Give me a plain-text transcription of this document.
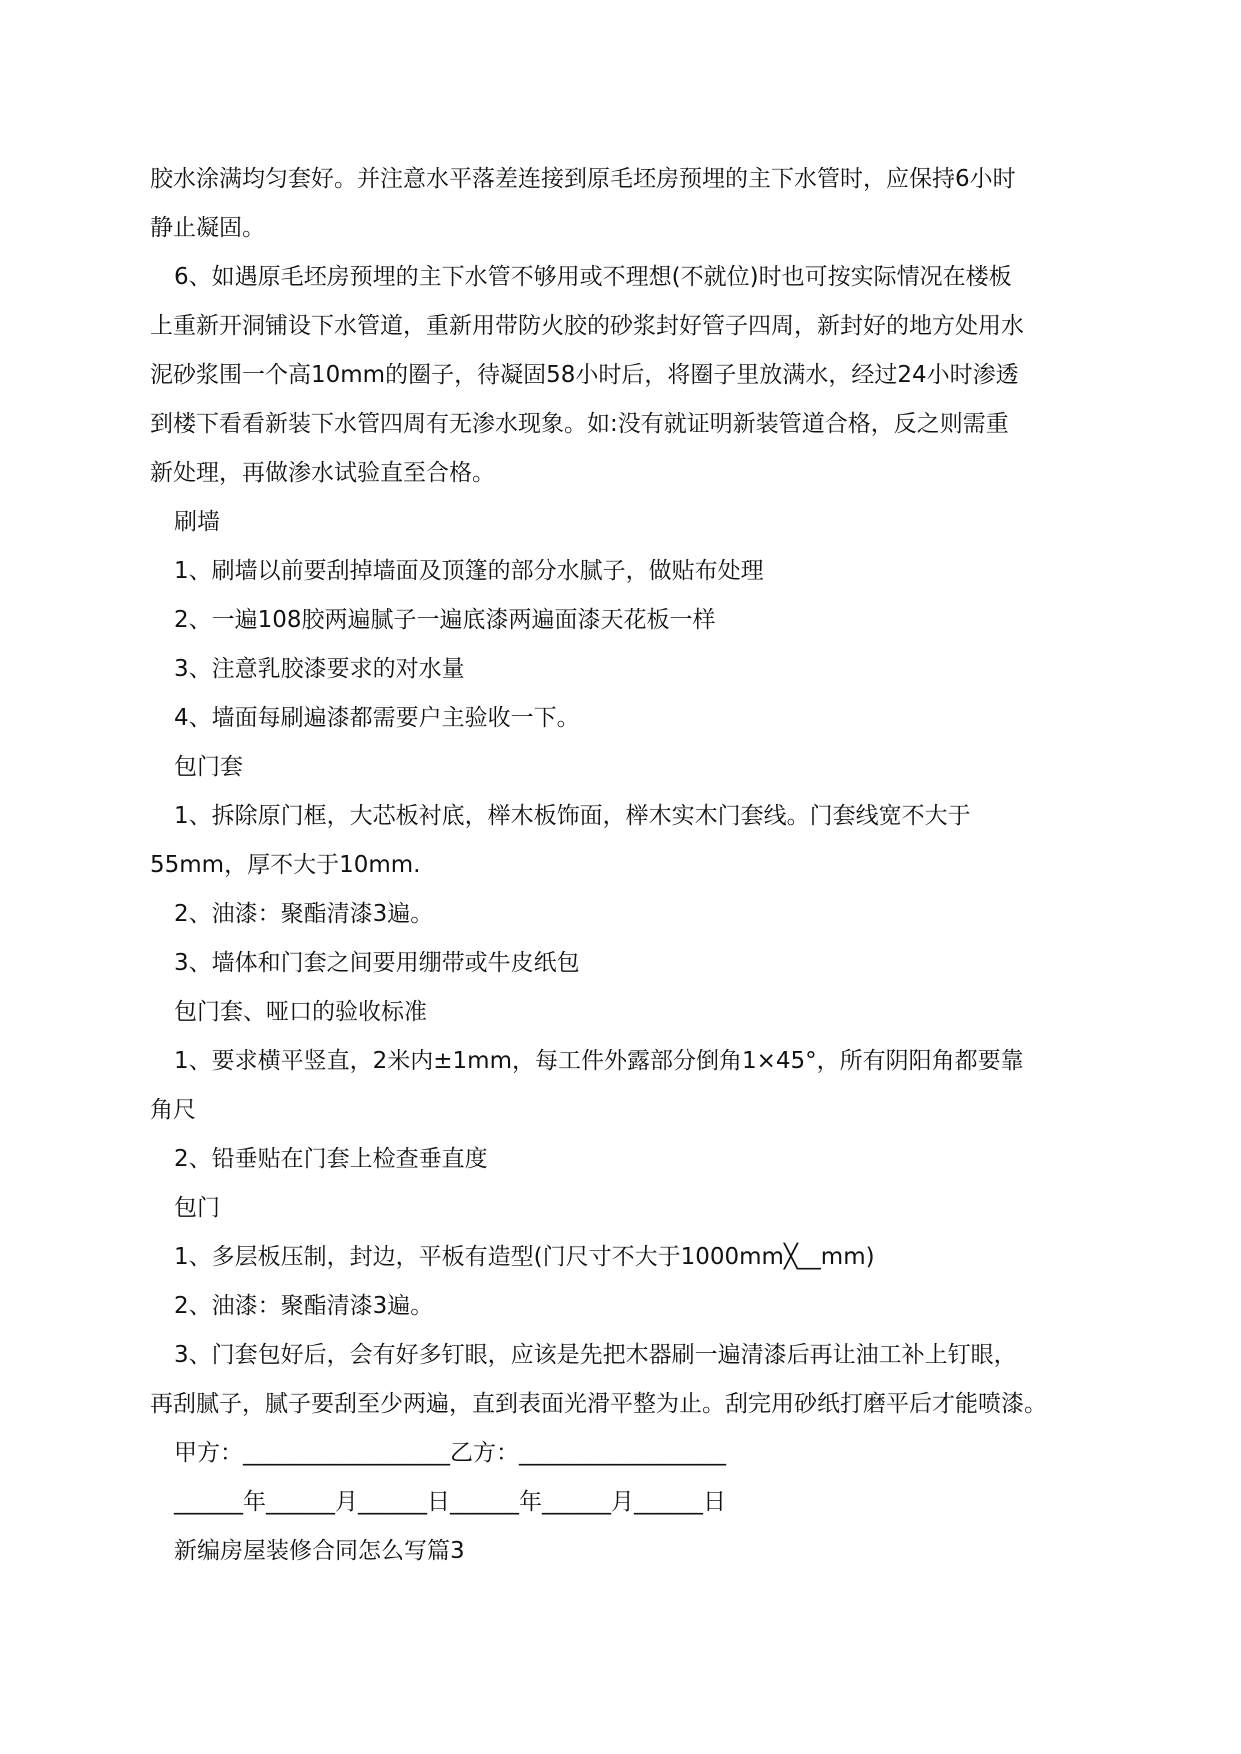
胶水涂满均匀套好。并注意水平落差连接到原毛坯房预埋的主下水管时，应保持6小时

静止凝固。

6、如遇原毛坯房预埋的主下水管不够用或不理想(不就位)时也可按实际情况在楼板

上重新开洞铺设下水管道，重新用带防火胶的砂浆封好管子四周，新封好的地方处用水

泥砂浆围一个高10mm的圈子，待凝固58小时后，将圈子里放满水，经过24小时渗透

到楼下看看新装下水管四周有无渗水现象。如:没有就证明新装管道合格，反之则需重

新处理，再做渗水试验直至合格。

刷墙

1、刷墙以前要刮掉墙面及顶篷的部分水腻子，做贴布处理

2、一遍108胶两遍腻子一遍底漆两遍面漆天花板一样

3、注意乳胶漆要求的对水量

4、墙面每刷遍漆都需要户主验收一下。

包门套

1、拆除原门框，大芯板衬底，榉木板饰面，榉木实木门套线。门套线宽不大于

55mm，厚不大于10mm.

2、油漆：聚酯清漆3遍。

3、墙体和门套之间要用绷带或牛皮纸包

包门套、哑口的验收标准

1、要求横平竖直，2米内±1mm，每工件外露部分倒角1×45°，所有阴阳角都要靠

角尺

2、铅垂贴在门套上检查垂直度

包门

1、多层板压制，封边，平板有造型(门尺寸不大于1000mm╳__mm)

2、油漆：聚酯清漆3遍。

3、门套包好后，会有好多钉眼，应该是先把木器刷一遍清漆后再让油工补上钉眼，

再刮腻子，腻子要刮至少两遍，直到表面光滑平整为止。刮完用砂纸打磨平后才能喷漆。

甲方：__________________乙方：__________________

______年______月______日______年______月______日

新编房屋装修合同怎么写篇3
